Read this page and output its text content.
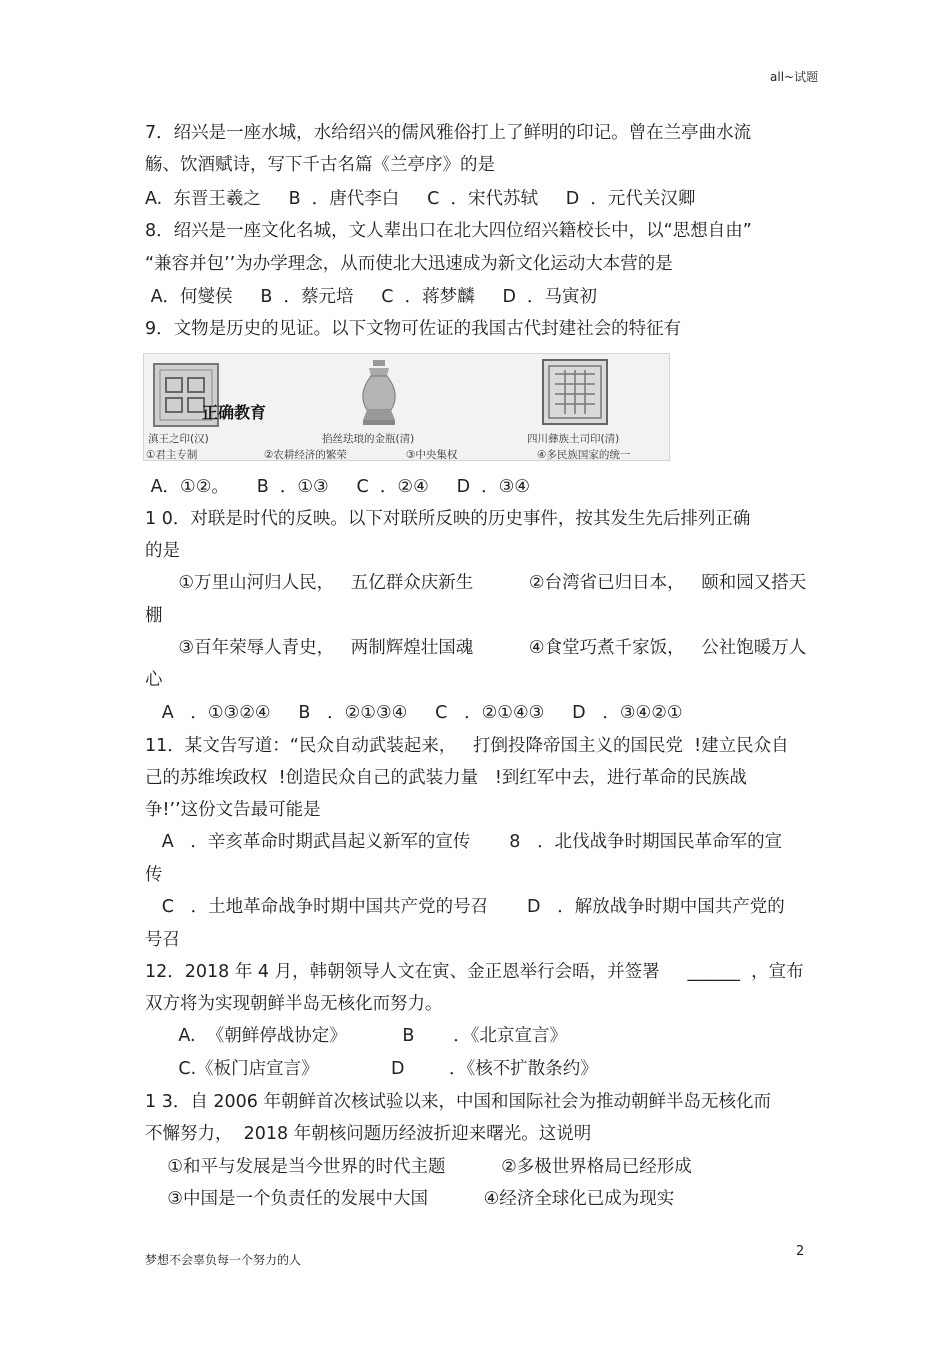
all~试题
7．绍兴是一座水城，水给绍兴的儒风雅俗打上了鲜明的印记。曾在兰亭曲水流
觞、饮酒赋诗，写下千古名篇《兰亭序》的是
A.  东晋王羲之     B  ．唐代李白     C  ．宋代苏轼     D  ．元代关汉卿
8．绍兴是一座文化名城，文人辈出口在北大四位绍兴籍校长中，以“思想自由”
“兼容并包’’为办学理念，从而使北大迅速成为新文化运动大本营的是
A．何燮侯     B  ．蔡元培     C  ．蒋梦麟     D  ．马寅初
9．文物是历史的见证。以下文物可佐证的我国古代封建社会的特征有
正确教育
滇王之印(汉)	掐丝珐琅的金瓶(清)	四川彝族土司印(清)
①君主专制	②农耕经济的繁荣	③中央集权	④多民族国家的统一
A．①②。     B  ．①③     C  ．②④     D  ．③④
1 0．对联是时代的反映。以下对联所反映的历史事件，按其发生先后排列正确
的是
①万里山河归人民，   五亿群众庆新生          ②台湾省已归日本，   颐和园又搭天
棚
③百年荣辱人青史，   两制辉煌壮国魂          ④食堂巧煮千家饭，   公社饱暖万人
心
A   ．①③②④     B   ．②①③④     C   ．②①④③     D   ．③④②①
11．某文告写道：“民众自动武装起来，   打倒投降帝国主义的国民党  !建立民众自
己的苏维埃政权  !创造民众自己的武装力量   !到红军中去，进行革命的民族战
争!’’这份文告最可能是
A   ．辛亥革命时期武昌起义新军的宣传       8   ．北伐战争时期国民革命军的宣
传
C   ．土地革命战争时期中国共产党的号召       D   ．解放战争时期中国共产党的
号召
12．2018 年 4 月，韩朝领导人文在寅、金正恩举行会晤，并签署     ______  ，宣布
双方将为实现朝鲜半岛无核化而努力。
A.  《朝鲜停战协定》          B       ．《北京宣言》
C.《板门店宣言》             D        ．《核不扩散条约》
1 3．自 2006 年朝鲜首次核试验以来，中国和国际社会为推动朝鲜半岛无核化而
不懈努力，  2018 年朝核问题历经波折迎来曙光。这说明
①和平与发展是当今世界的时代主题          ②多极世界格局已经形成
③中国是一个负责任的发展中大国          ④经济全球化已成为现实
梦想不会辜负每一个努力的人
2
